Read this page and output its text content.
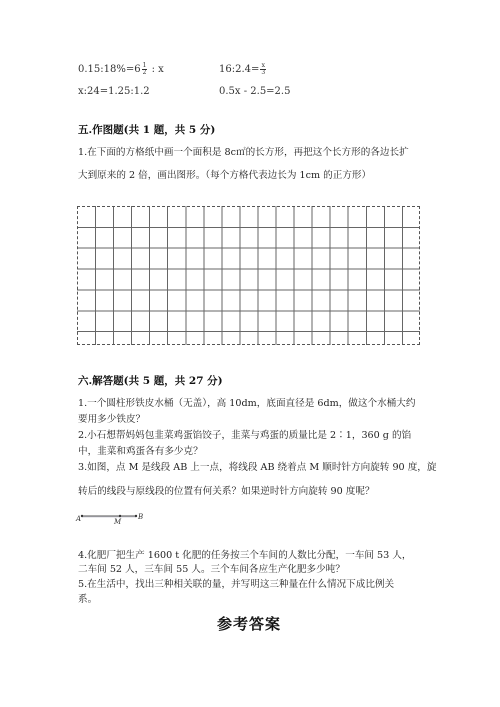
0.15:18%=6 $\frac{1}{2}$ : x	16:2.4= $\frac{x}{3}$
x:24=1.25:1.2	0.5x - 2.5=2.5
五.作图题(共 1 题，共 5 分)
1.在下面的方格纸中画一个面积是 8c㎡的长方形，再把这个长方形的各边长扩
大到原来的 2 倍，画出图形。（每个方格代表边长为 1cm 的正方形）
六.解答题(共 5 题，共 27 分)
1.一个圆柱形铁皮水桶（无盖），高 10dm，底面直径是 6dm，做这个水桶大约
要用多少铁皮？
2.小石想帮妈妈包韭菜鸡蛋馅饺子，韭菜与鸡蛋的质量比是 2∶1，360 g 的馅
中，韭菜和鸡蛋各有多少克？
3.如图，点 M 是线段 AB 上一点，将线段 AB 绕着点 M 顺时针方向旋转 90 度，旋
转后的线段与原线段的位置有何关系？如果逆时针方向旋转 90 度呢？
A	M
B
4.化肥厂把生产 1600 t 化肥的任务按三个车间的人数比分配，一车间 53 人，
二车间 52 人，三车间 55 人。三个车间各应生产化肥多少吨？
5.在生活中，找出三种相关联的量，并写明这三种量在什么情况下成比例关
系。
参考答案
